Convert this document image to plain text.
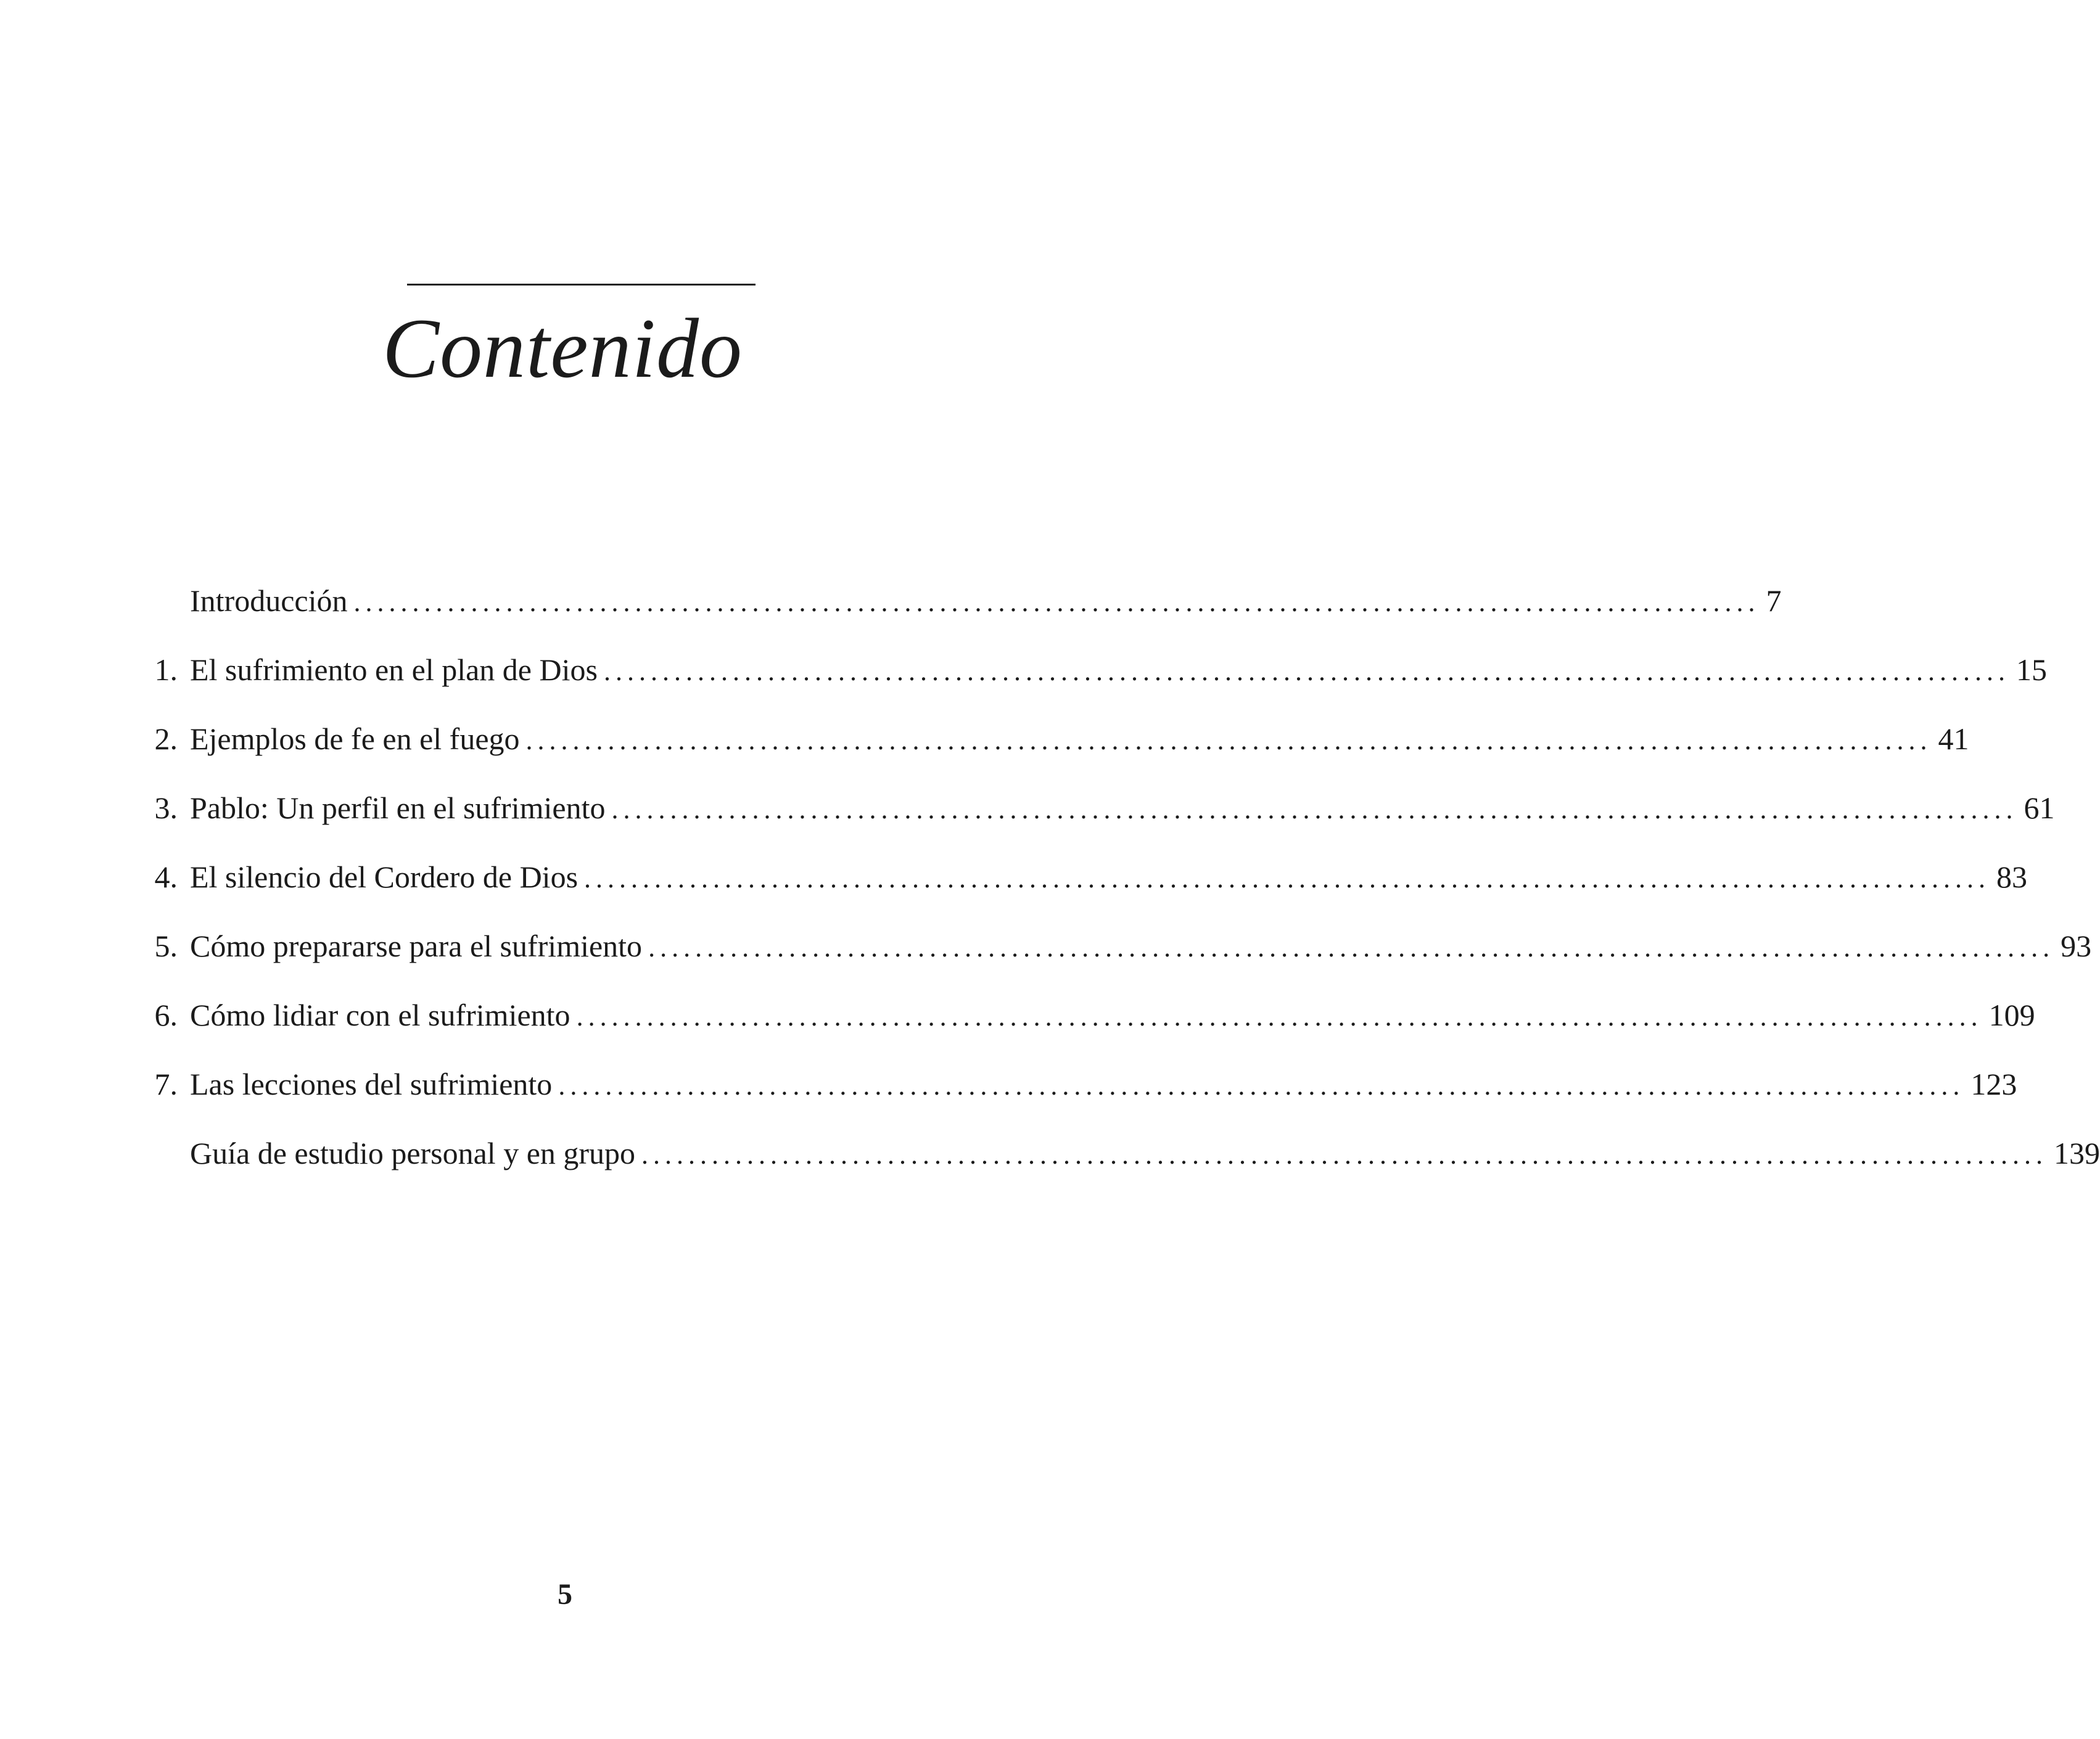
Contenido
Introducción ........................................................................................................................ 7
1. El sufrimiento en el plan de Dios ........................................................................................................................ 15
2. Ejemplos de fe en el fuego ........................................................................................................................ 41
3. Pablo: Un perfil en el sufrimiento ........................................................................................................................ 61
4. El silencio del Cordero de Dios ........................................................................................................................ 83
5. Cómo prepararse para el sufrimiento ........................................................................................................................ 93
6. Cómo lidiar con el sufrimiento ........................................................................................................................ 109
7. Las lecciones del sufrimiento ........................................................................................................................ 123
Guía de estudio personal y en grupo ........................................................................................................................ 139
5
